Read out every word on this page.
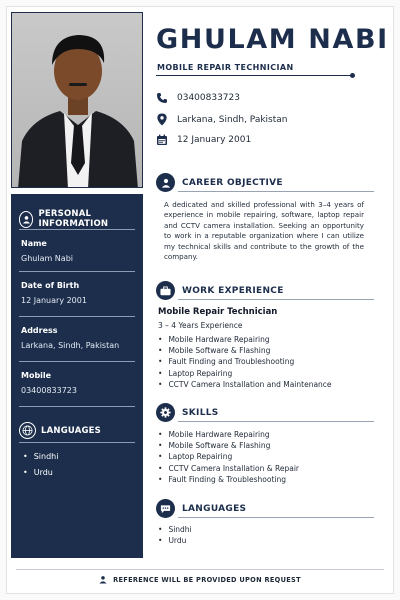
PERSONAL INFORMATION
Name
Ghulam Nabi
Date of Birth
12 January 2001
Address
Larkana, Sindh, Pakistan
Mobile
03400833723
LANGUAGES
• Sindhi
• Urdu
GHULAM NABI
MOBILE REPAIR TECHNICIAN
03400833723
Larkana, Sindh, Pakistan
12 January 2001
CAREER OBJECTIVE
A dedicated and skilled professional with 3–4 years of experience in mobile repairing, software, laptop repair and CCTV camera installation. Seeking an opportunity to work in a reputable organization where I can utilize my technical skills and contribute to the growth of the company.
WORK EXPERIENCE
Mobile Repair Technician
3 – 4 Years Experience
• Mobile Hardware Repairing
• Mobile Software & Flashing
• Fault Finding and Troubleshooting
• Laptop Repairing
• CCTV Camera Installation and Maintenance
SKILLS
• Mobile Hardware Repairing
• Mobile Software & Flashing
• Laptop Repairing
• CCTV Camera Installation & Repair
• Fault Finding & Troubleshooting
LANGUAGES
• Sindhi
• Urdu
REFERENCE WILL BE PROVIDED UPON REQUEST
